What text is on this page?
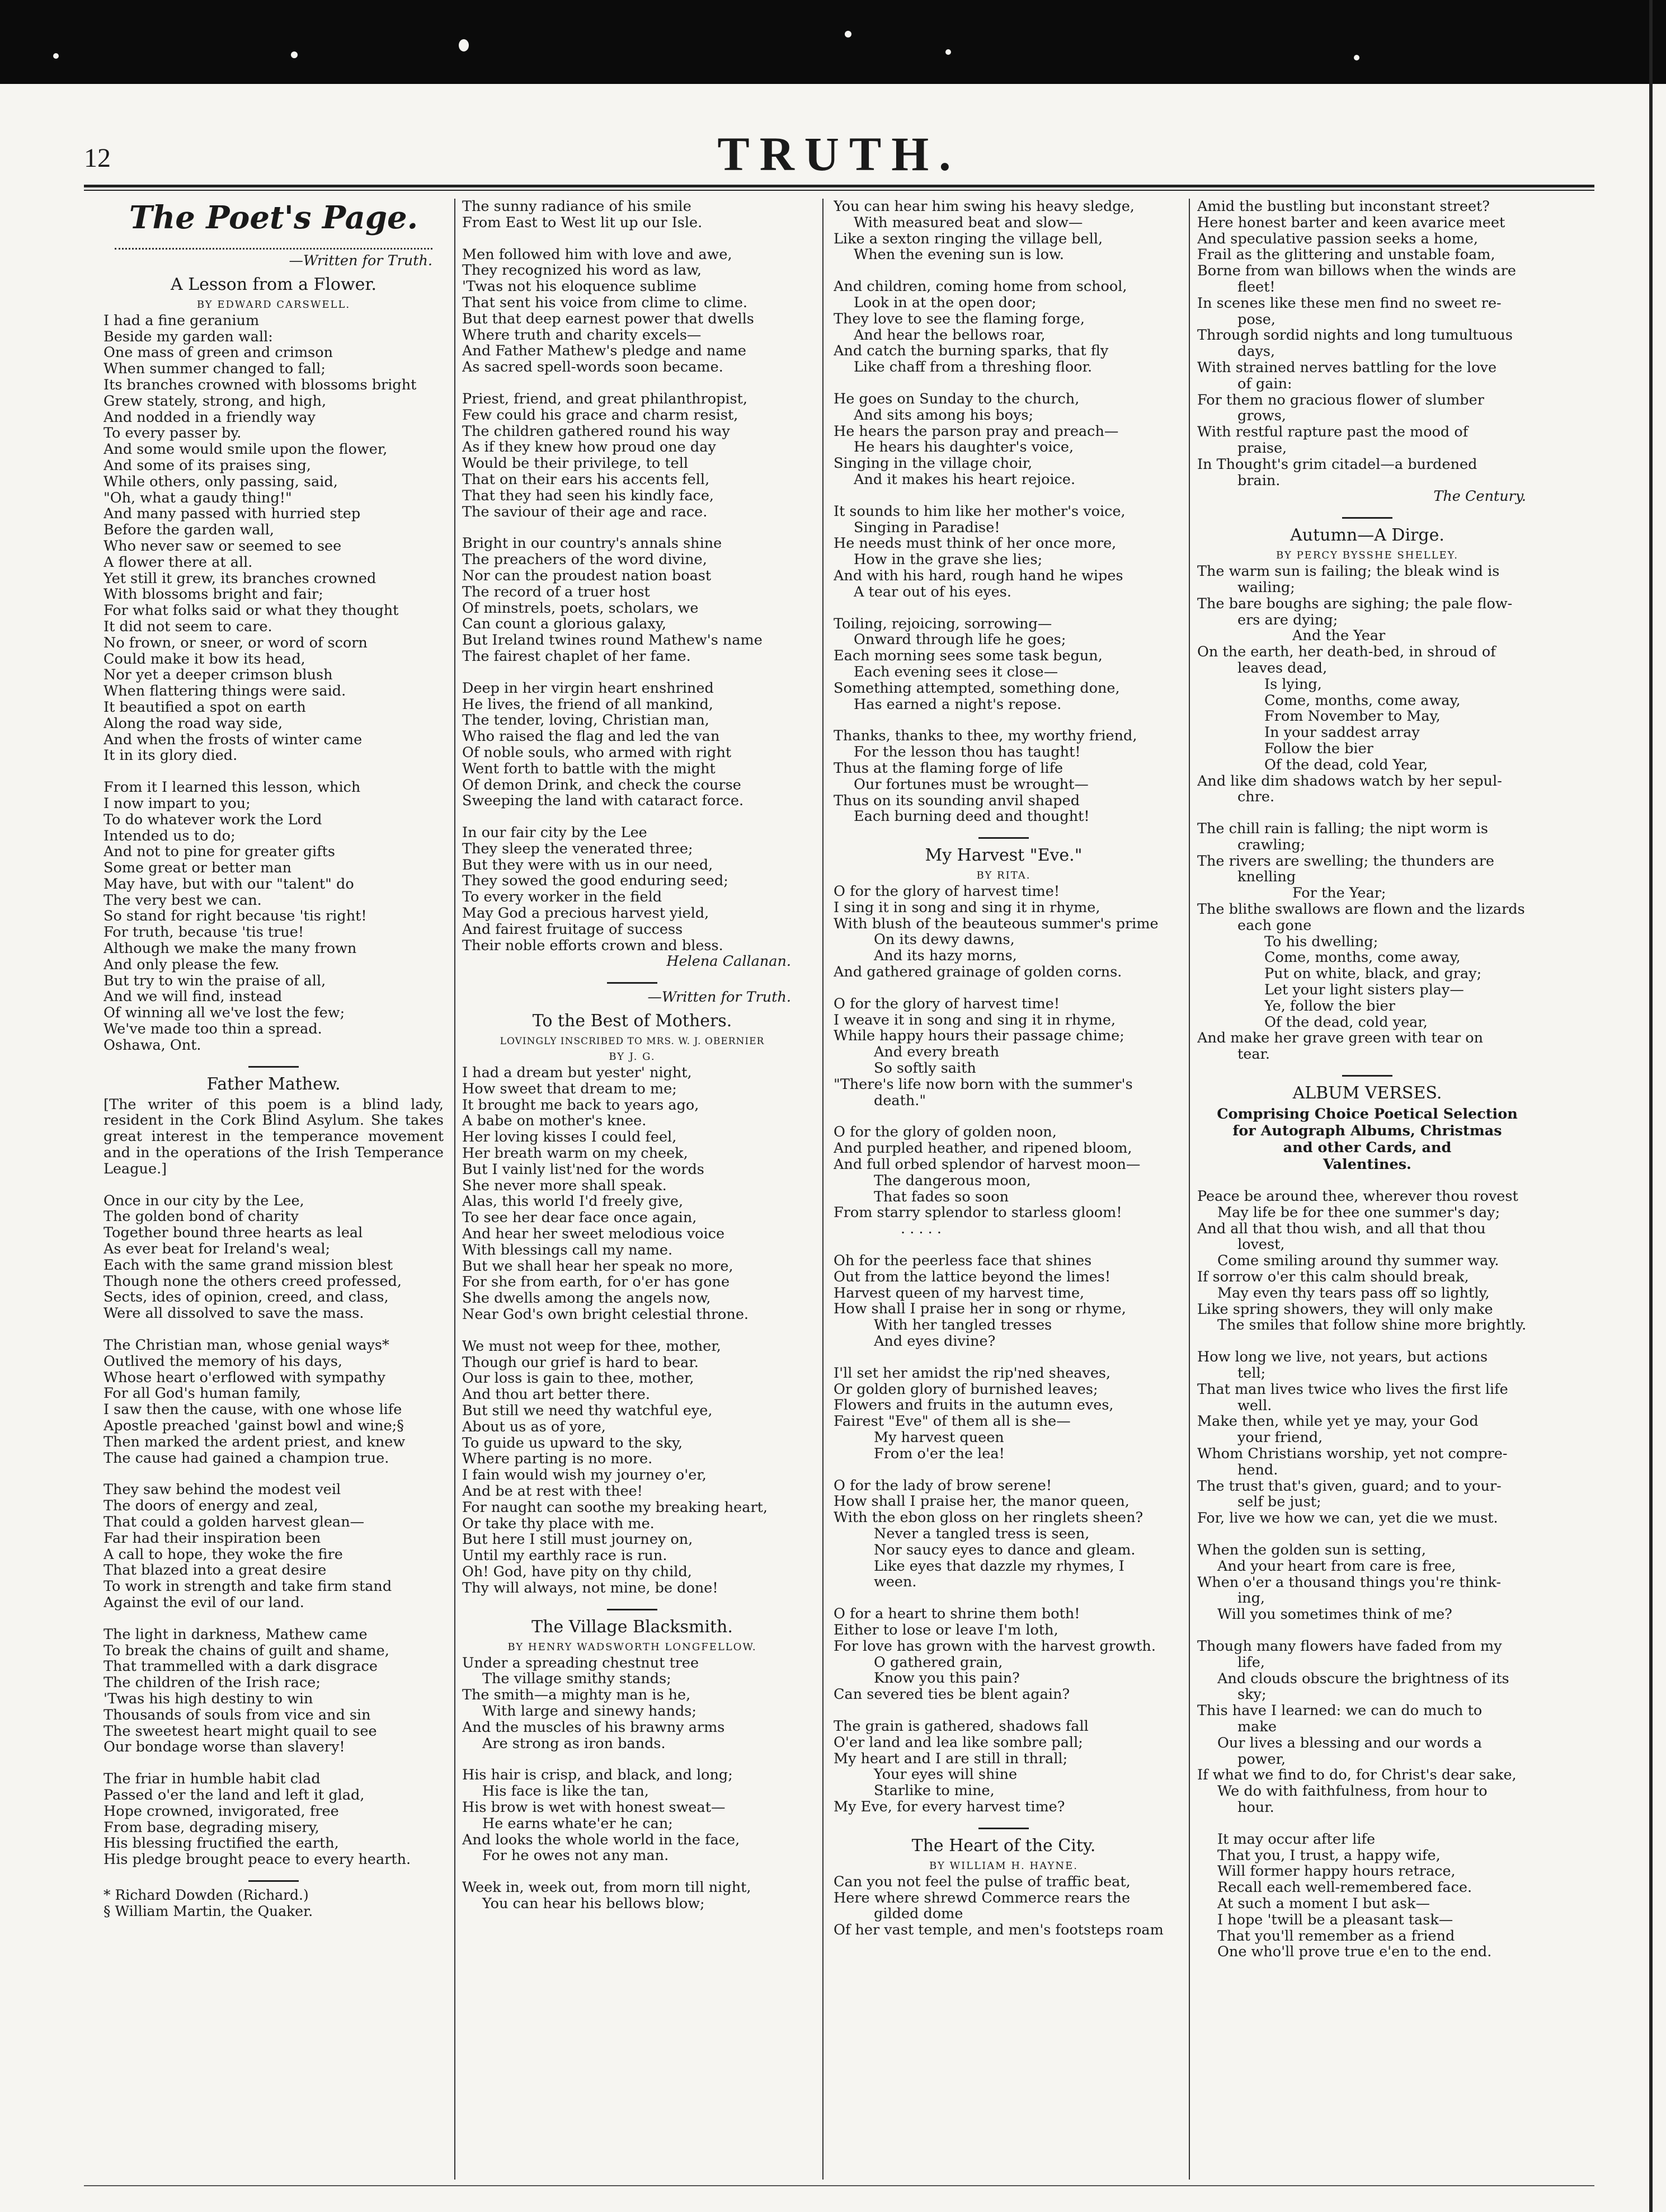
12	TRUTH.
The Poet's Page.
—Written for Truth.
A Lesson from a Flower.
BY EDWARD CARSWELL.
I had a fine geranium
Beside my garden wall:
One mass of green and crimson
When summer changed to fall;
Its branches crowned with blossoms bright
Grew stately, strong, and high,
And nodded in a friendly way
To every passer by.
And some would smile upon the flower,
And some of its praises sing,
While others, only passing, said,
"Oh, what a gaudy thing!"
And many passed with hurried step
Before the garden wall,
Who never saw or seemed to see
A flower there at all.
Yet still it grew, its branches crowned
With blossoms bright and fair;
For what folks said or what they thought
It did not seem to care.
No frown, or sneer, or word of scorn
Could make it bow its head,
Nor yet a deeper crimson blush
When flattering things were said.
It beautified a spot on earth
Along the road way side,
And when the frosts of winter came
It in its glory died.
From it I learned this lesson, which
I now impart to you;
To do whatever work the Lord
Intended us to do;
And not to pine for greater gifts
Some great or better man
May have, but with our "talent" do
The very best we can.
So stand for right because 'tis right!
For truth, because 'tis true!
Although we make the many frown
And only please the few.
But try to win the praise of all,
And we will find, instead
Of winning all we've lost the few;
We've made too thin a spread.
Oshawa, Ont.
Father Mathew.
[The writer of this poem is a blind lady, resident in the Cork Blind Asylum. She takes great interest in the temperance movement and in the operations of the Irish Temperance League.]
Once in our city by the Lee,
The golden bond of charity
Together bound three hearts as leal
As ever beat for Ireland's weal;
Each with the same grand mission blest
Though none the others creed professed,
Sects, ides of opinion, creed, and class,
Were all dissolved to save the mass.
The Christian man, whose genial ways*
Outlived the memory of his days,
Whose heart o'erflowed with sympathy
For all God's human family,
I saw then the cause, with one whose life
Apostle preached 'gainst bowl and wine;§
Then marked the ardent priest, and knew
The cause had gained a champion true.
They saw behind the modest veil
The doors of energy and zeal,
That could a golden harvest glean—
Far had their inspiration been
A call to hope, they woke the fire
That blazed into a great desire
To work in strength and take firm stand
Against the evil of our land.
The light in darkness, Mathew came
To break the chains of guilt and shame,
That trammelled with a dark disgrace
The children of the Irish race;
'Twas his high destiny to win
Thousands of souls from vice and sin
The sweetest heart might quail to see
Our bondage worse than slavery!
The friar in humble habit clad
Passed o'er the land and left it glad,
Hope crowned, invigorated, free
From base, degrading misery,
His blessing fructified the earth,
His pledge brought peace to every hearth.
* Richard Dowden (Richard.)
§ William Martin, the Quaker.
The sunny radiance of his smile
From East to West lit up our Isle.
Men followed him with love and awe,
They recognized his word as law,
'Twas not his eloquence sublime
That sent his voice from clime to clime.
But that deep earnest power that dwells
Where truth and charity excels—
And Father Mathew's pledge and name
As sacred spell-words soon became.
Priest, friend, and great philanthropist,
Few could his grace and charm resist,
The children gathered round his way
As if they knew how proud one day
Would be their privilege, to tell
That on their ears his accents fell,
That they had seen his kindly face,
The saviour of their age and race.
Bright in our country's annals shine
The preachers of the word divine,
Nor can the proudest nation boast
The record of a truer host
Of minstrels, poets, scholars, we
Can count a glorious galaxy,
But Ireland twines round Mathew's name
The fairest chaplet of her fame.
Deep in her virgin heart enshrined
He lives, the friend of all mankind,
The tender, loving, Christian man,
Who raised the flag and led the van
Of noble souls, who armed with right
Went forth to battle with the might
Of demon Drink, and check the course
Sweeping the land with cataract force.
In our fair city by the Lee
They sleep the venerated three;
But they were with us in our need,
They sowed the good enduring seed;
To every worker in the field
May God a precious harvest yield,
And fairest fruitage of success
Their noble efforts crown and bless.
Helena Callanan.
—Written for Truth.
To the Best of Mothers.
LOVINGLY INSCRIBED TO MRS. W. J. OBERNIER
BY J. G.
I had a dream but yester' night,
How sweet that dream to me;
It brought me back to years ago,
A babe on mother's knee.
Her loving kisses I could feel,
Her breath warm on my cheek,
But I vainly list'ned for the words
She never more shall speak.
Alas, this world I'd freely give,
To see her dear face once again,
And hear her sweet melodious voice
With blessings call my name.
But we shall hear her speak no more,
For she from earth, for o'er has gone
She dwells among the angels now,
Near God's own bright celestial throne.
We must not weep for thee, mother,
Though our grief is hard to bear.
Our loss is gain to thee, mother,
And thou art better there.
But still we need thy watchful eye,
About us as of yore,
To guide us upward to the sky,
Where parting is no more.
I fain would wish my journey o'er,
And be at rest with thee!
For naught can soothe my breaking heart,
Or take thy place with me.
But here I still must journey on,
Until my earthly race is run.
Oh! God, have pity on thy child,
Thy will always, not mine, be done!
The Village Blacksmith.
BY HENRY WADSWORTH LONGFELLOW.
Under a spreading chestnut tree
The village smithy stands;
The smith—a mighty man is he,
With large and sinewy hands;
And the muscles of his brawny arms
Are strong as iron bands.
His hair is crisp, and black, and long;
His face is like the tan,
His brow is wet with honest sweat—
He earns whate'er he can;
And looks the whole world in the face,
For he owes not any man.
Week in, week out, from morn till night,
You can hear his bellows blow;
You can hear him swing his heavy sledge,
With measured beat and slow—
Like a sexton ringing the village bell,
When the evening sun is low.
And children, coming home from school,
Look in at the open door;
They love to see the flaming forge,
And hear the bellows roar,
And catch the burning sparks, that fly
Like chaff from a threshing floor.
He goes on Sunday to the church,
And sits among his boys;
He hears the parson pray and preach—
He hears his daughter's voice,
Singing in the village choir,
And it makes his heart rejoice.
It sounds to him like her mother's voice,
Singing in Paradise!
He needs must think of her once more,
How in the grave she lies;
And with his hard, rough hand he wipes
A tear out of his eyes.
Toiling, rejoicing, sorrowing—
Onward through life he goes;
Each morning sees some task begun,
Each evening sees it close—
Something attempted, something done,
Has earned a night's repose.
Thanks, thanks to thee, my worthy friend,
For the lesson thou has taught!
Thus at the flaming forge of life
Our fortunes must be wrought—
Thus on its sounding anvil shaped
Each burning deed and thought!
My Harvest "Eve."
BY RITA.
O for the glory of harvest time!
I sing it in song and sing it in rhyme,
With blush of the beauteous summer's prime
On its dewy dawns,
And its hazy morns,
And gathered grainage of golden corns.
O for the glory of harvest time!
I weave it in song and sing it in rhyme,
While happy hours their passage chime;
And every breath
So softly saith
"There's life now born with the summer's
death."
O for the glory of golden noon,
And purpled heather, and ripened bloom,
And full orbed splendor of harvest moon—
The dangerous moon,
That fades so soon
From starry splendor to starless gloom!
. . . . .
Oh for the peerless face that shines
Out from the lattice beyond the limes!
Harvest queen of my harvest time,
How shall I praise her in song or rhyme,
With her tangled tresses
And eyes divine?
I'll set her amidst the rip'ned sheaves,
Or golden glory of burnished leaves;
Flowers and fruits in the autumn eves,
Fairest "Eve" of them all is she—
My harvest queen
From o'er the lea!
O for the lady of brow serene!
How shall I praise her, the manor queen,
With the ebon gloss on her ringlets sheen?
Never a tangled tress is seen,
Nor saucy eyes to dance and gleam.
Like eyes that dazzle my rhymes, I
ween.
O for a heart to shrine them both!
Either to lose or leave I'm loth,
For love has grown with the harvest growth.
O gathered grain,
Know you this pain?
Can severed ties be blent again?
The grain is gathered, shadows fall
O'er land and lea like sombre pall;
My heart and I are still in thrall;
Your eyes will shine
Starlike to mine,
My Eve, for every harvest time?
The Heart of the City.
BY WILLIAM H. HAYNE.
Can you not feel the pulse of traffic beat,
Here where shrewd Commerce rears the
gilded dome
Of her vast temple, and men's footsteps roam
Amid the bustling but inconstant street?
Here honest barter and keen avarice meet
And speculative passion seeks a home,
Frail as the glittering and unstable foam,
Borne from wan billows when the winds are
fleet!
In scenes like these men find no sweet re-
pose,
Through sordid nights and long tumultuous
days,
With strained nerves battling for the love
of gain:
For them no gracious flower of slumber
grows,
With restful rapture past the mood of
praise,
In Thought's grim citadel—a burdened
brain.
The Century.
Autumn—A Dirge.
BY PERCY BYSSHE SHELLEY.
The warm sun is failing; the bleak wind is
wailing;
The bare boughs are sighing; the pale flow-
ers are dying;
And the Year
On the earth, her death-bed, in shroud of
leaves dead,
Is lying,
Come, months, come away,
From November to May,
In your saddest array
Follow the bier
Of the dead, cold Year,
And like dim shadows watch by her sepul-
chre.
The chill rain is falling; the nipt worm is
crawling;
The rivers are swelling; the thunders are
knelling
For the Year;
The blithe swallows are flown and the lizards
each gone
To his dwelling;
Come, months, come away,
Put on white, black, and gray;
Let your light sisters play—
Ye, follow the bier
Of the dead, cold year,
And make her grave green with tear on
tear.
ALBUM VERSES.
Comprising Choice Poetical Selection
for Autograph Albums, Christmas
and other Cards, and
Valentines.
Peace be around thee, wherever thou rovest
May life be for thee one summer's day;
And all that thou wish, and all that thou
lovest,
Come smiling around thy summer way.
If sorrow o'er this calm should break,
May even thy tears pass off so lightly,
Like spring showers, they will only make
The smiles that follow shine more brightly.
How long we live, not years, but actions
tell;
That man lives twice who lives the first life
well.
Make then, while yet ye may, your God
your friend,
Whom Christians worship, yet not compre-
hend.
The trust that's given, guard; and to your-
self be just;
For, live we how we can, yet die we must.
When the golden sun is setting,
And your heart from care is free,
When o'er a thousand things you're think-
ing,
Will you sometimes think of me?
Though many flowers have faded from my
life,
And clouds obscure the brightness of its
sky;
This have I learned: we can do much to
make
Our lives a blessing and our words a
power,
If what we find to do, for Christ's dear sake,
We do with faithfulness, from hour to
hour.
It may occur after life
That you, I trust, a happy wife,
Will former happy hours retrace,
Recall each well-remembered face.
At such a moment I but ask—
I hope 'twill be a pleasant task—
That you'll remember as a friend
One who'll prove true e'en to the end.
